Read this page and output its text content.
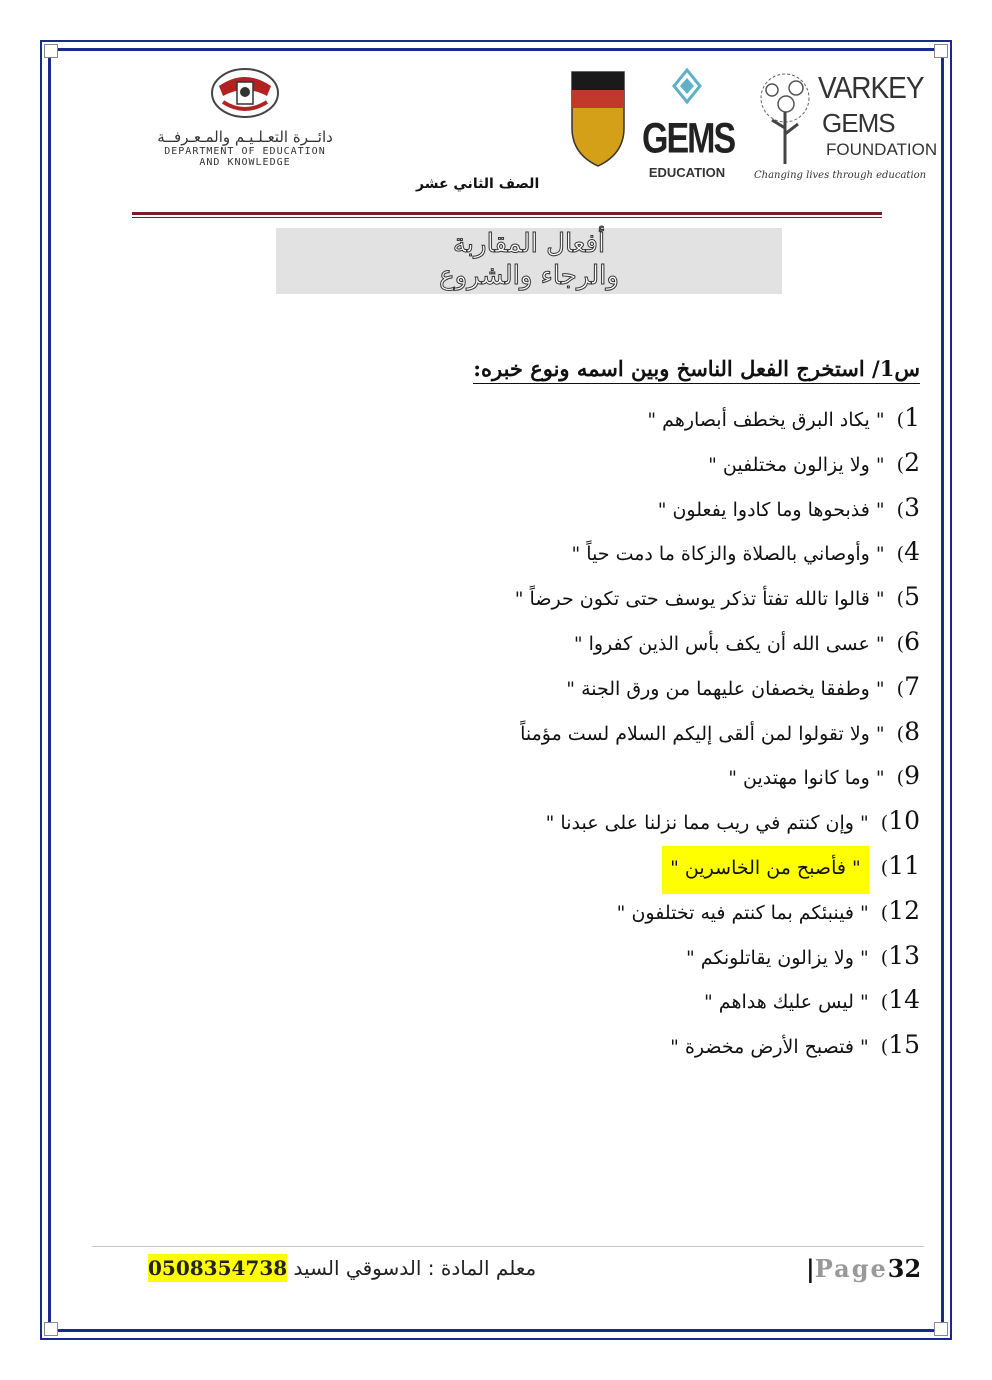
دائــرة التعـلـيـم والمـعـرفــة
DEPARTMENT OF EDUCATION
AND KNOWLEDGE	GEMS
EDUCATION
VARKEY
GEMS
FOUNDATION
Changing lives through education
الصف الثاني عشر
أفعال المقاربة
والرجاء والشروع
س1/ استخرج الفعل الناسخ وبين اسمه ونوع خبره:
1) " يكاد البرق يخطف أبصارهم "
2) " ولا يزالون مختلفين "
3) " فذبحوها وما كادوا يفعلون "
4) " وأوصاني بالصلاة والزكاة ما دمت حياً "
5) " قالوا تالله تفتأ تذكر يوسف حتى تكون حرضاً "
6) " عسى الله أن يكف بأس الذين كفروا "
7) " وطفقا يخصفان عليهما من ورق الجنة "
8) " ولا تقولوا لمن ألقى إليكم السلام لست مؤمناً
9) " وما كانوا مهتدين "
10) " وإن كنتم في ريب مما نزلنا على عبدنا "
11) " فأصبح من الخاسرين "
12) " فينبئكم بما كنتم فيه تختلفون "
13) " ولا يزالون يقاتلونكم "
14) " ليس عليك هداهم "
15) " فتصبح الأرض مخضرة "
معلم المادة : الدسوقي السيد 0508354738	|Page32
